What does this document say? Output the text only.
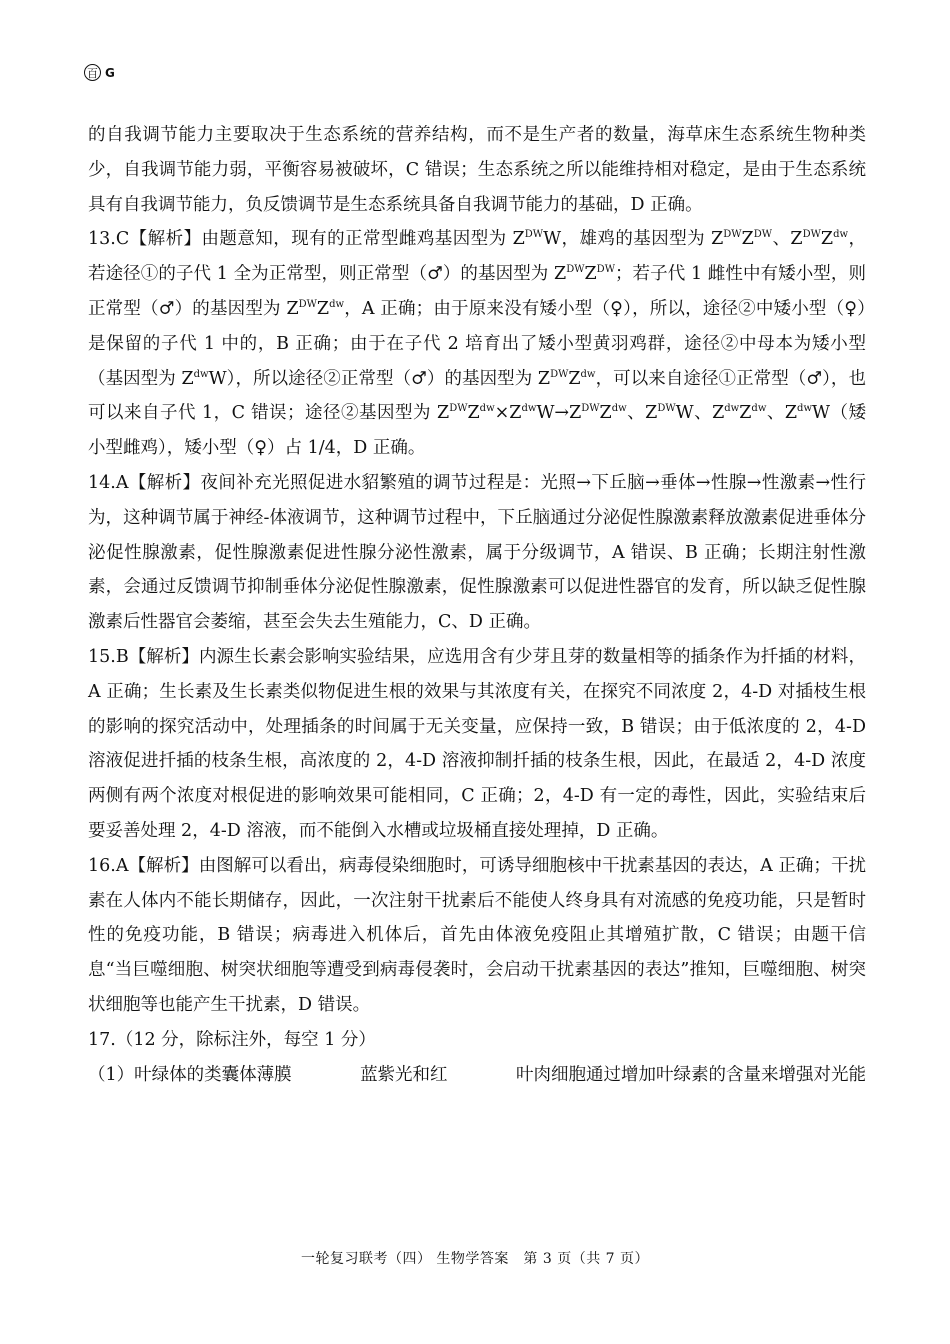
百 G

的自我调节能力主要取决于生态系统的营养结构，而不是生产者的数量，海草床生态系统生物种类少，自我调节能力弱，平衡容易被破坏，C 错误；生态系统之所以能维持相对稳定，是由于生态系统具有自我调节能力，负反馈调节是生态系统具备自我调节能力的基础，D 正确。

13.C【解析】由题意知，现有的正常型雌鸡基因型为 $Z^{DW}W$，雄鸡的基因型为 $Z^{DW}Z^{DW}$、$Z^{DW}Z^{dw}$，若途径①的子代 1 全为正常型，则正常型（♂）的基因型为 $Z^{DW}Z^{DW}$；若子代 1 雌性中有矮小型，则正常型（♂）的基因型为 $Z^{DW}Z^{dw}$，A 正确；由于原来没有矮小型（♀），所以，途径②中矮小型（♀）是保留的子代 1 中的，B 正确；由于在子代 2 培育出了矮小型黄羽鸡群，途径②中母本为矮小型（基因型为 $Z^{dw}W$），所以途径②正常型（♂）的基因型为 $Z^{DW}Z^{dw}$，可以来自途径①正常型（♂），也可以来自子代 1，C 错误；途径②基因型为 $Z^{DW}Z^{dw}\times Z^{dw}W\to Z^{DW}Z^{dw}$、$Z^{DW}W$、$Z^{dw}Z^{dw}$、$Z^{dw}W$（矮小型雌鸡），矮小型（♀）占 1/4，D 正确。

14.A【解析】夜间补充光照促进水貂繁殖的调节过程是：光照→下丘脑→垂体→性腺→性激素→性行为，这种调节属于神经-体液调节，这种调节过程中，下丘脑通过分泌促性腺激素释放激素促进垂体分泌促性腺激素，促性腺激素促进性腺分泌性激素，属于分级调节，A 错误、B 正确；长期注射性激素，会通过反馈调节抑制垂体分泌促性腺激素，促性腺激素可以促进性器官的发育，所以缺乏促性腺激素后性器官会萎缩，甚至会失去生殖能力，C、D 正确。

15.B【解析】内源生长素会影响实验结果，应选用含有少芽且芽的数量相等的插条作为扦插的材料，A 正确；生长素及生长素类似物促进生根的效果与其浓度有关，在探究不同浓度 2，4-D 对插枝生根的影响的探究活动中，处理插条的时间属于无关变量，应保持一致，B 错误；由于低浓度的 2，4-D 溶液促进扦插的枝条生根，高浓度的 2，4-D 溶液抑制扦插的枝条生根，因此，在最适 2，4-D 浓度两侧有两个浓度对根促进的影响效果可能相同，C 正确；2，4-D 有一定的毒性，因此，实验结束后要妥善处理 2，4-D 溶液，而不能倒入水槽或垃圾桶直接处理掉，D 正确。

16.A【解析】由图解可以看出，病毒侵染细胞时，可诱导细胞核中干扰素基因的表达，A 正确；干扰素在人体内不能长期储存，因此，一次注射干扰素后不能使人终身具有对流感的免疫功能，只是暂时性的免疫功能，B 错误；病毒进入机体后，首先由体液免疫阻止其增殖扩散，C 错误；由题干信息“当巨噬细胞、树突状细胞等遭受到病毒侵袭时，会启动干扰素基因的表达”推知，巨噬细胞、树突状细胞等也能产生干扰素，D 错误。

17.（12 分，除标注外，每空 1 分）

（1）叶绿体的类囊体薄膜	蓝紫光和红	叶肉细胞通过增加叶绿素的含量来增强对光能
一轮复习联考（四） 生物学答案　第 3 页（共 7 页）
